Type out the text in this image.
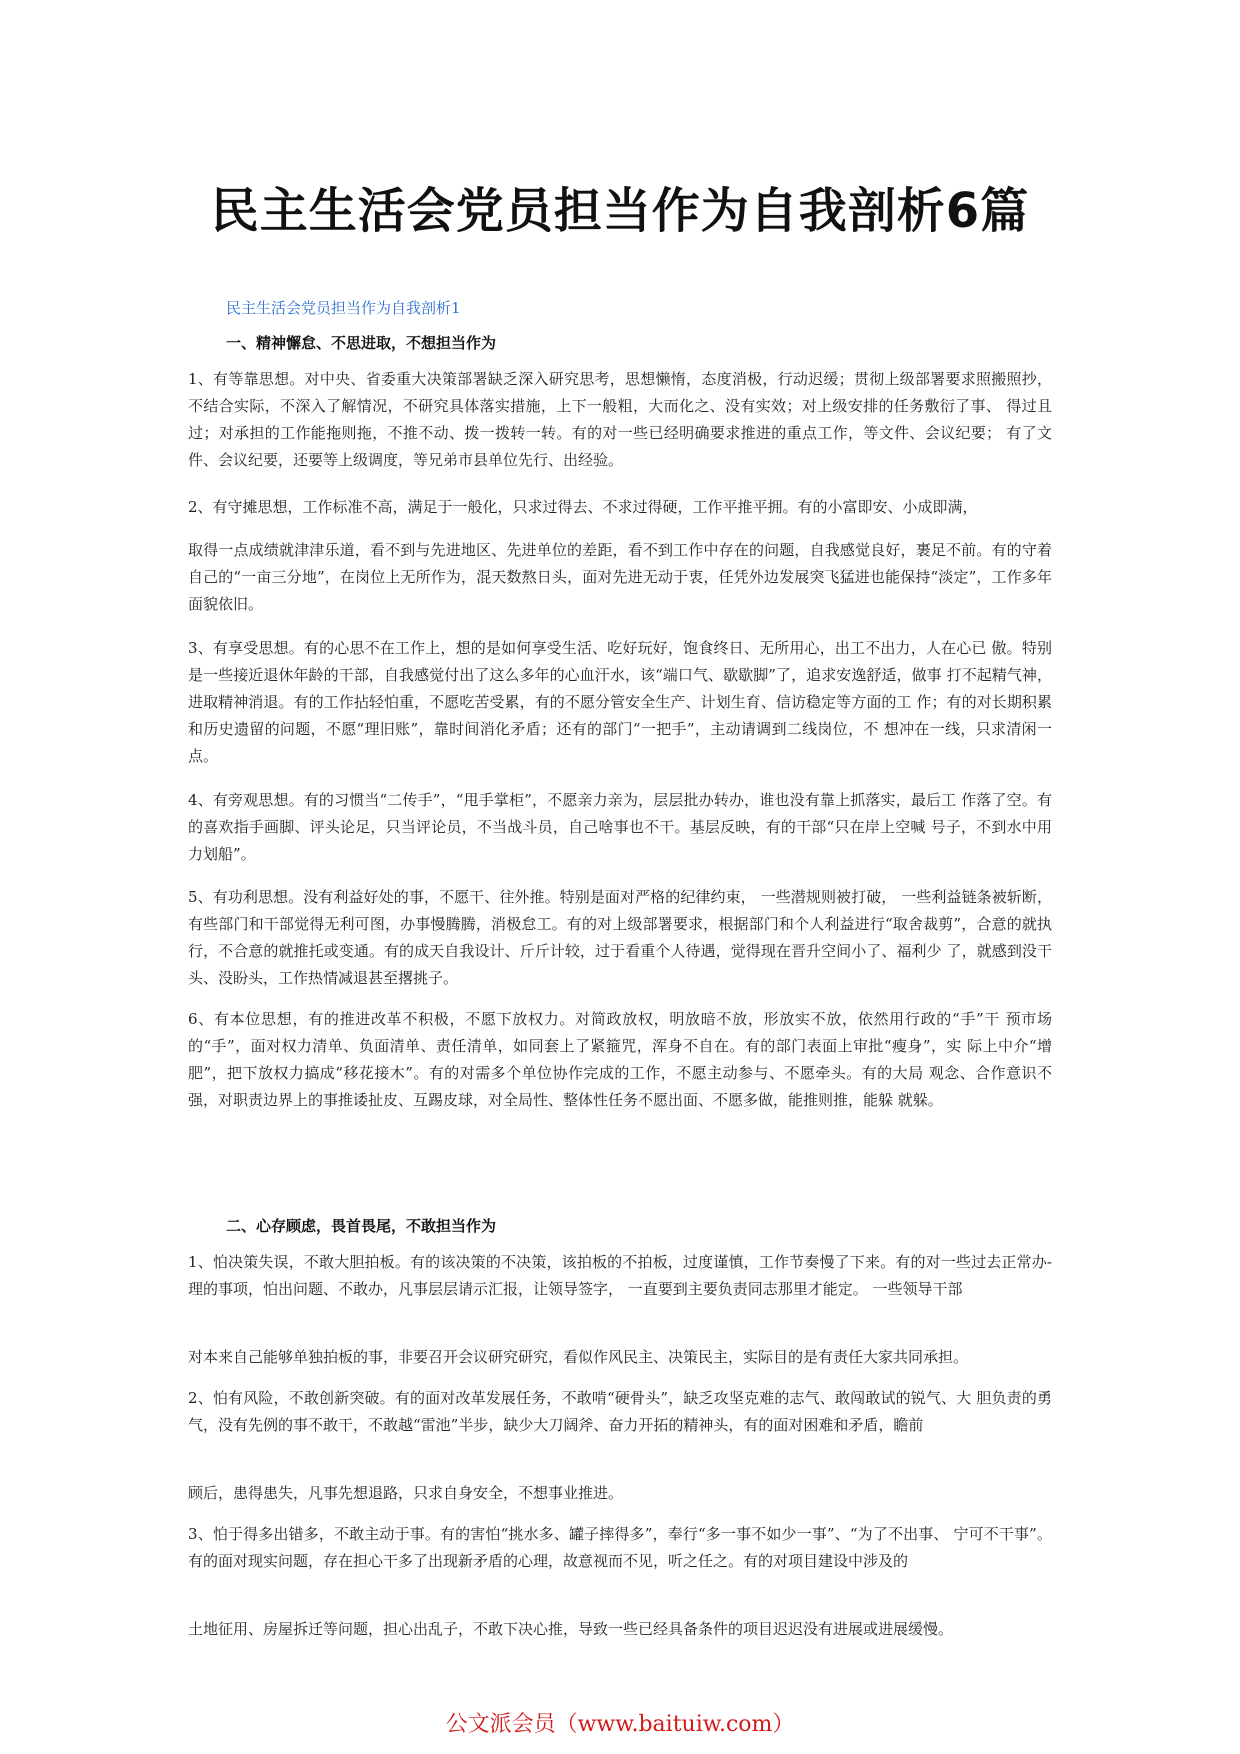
民主生活会党员担当作为自我剖析6篇
民主生活会党员担当作为自我剖析1
一、精神懈怠、不思进取，不想担当作为
1、有等靠思想。对中央、省委重大决策部署缺乏深入研究思考，思想懒惰，态度消极，行动迟缓；贯彻上级部署要求照搬照抄，不结合实际，不深入了解情况，不研究具体落实措施，上下一般粗，大而化之、没有实效；对上级安排的任务敷衍了事、 得过且过；对承担的工作能拖则拖，不推不动、拨一拨转一转。有的对一些已经明确要求推进的重点工作，等文件、会议纪要； 有了文件、会议纪要，还要等上级调度，等兄弟市县单位先行、出经验。
2、有守摊思想，工作标准不高，满足于一般化，只求过得去、不求过得硬，工作平推平拥。有的小富即安、小成即满，
取得一点成绩就津津乐道，看不到与先进地区、先进单位的差距，看不到工作中存在的问题，自我感觉良好，裹足不前。有的守着自己的“一亩三分地”，在岗位上无所作为，混天数熬日头，面对先进无动于衷，任凭外边发展突飞猛进也能保持“淡定”，工作多年面貌依旧。
3、有享受思想。有的心思不在工作上，想的是如何享受生活、吃好玩好，饱食终日、无所用心，出工不出力，人在心已 傲。特别是一些接近退休年龄的干部，自我感觉付出了这么多年的心血汗水，该“端口气、歇歇脚”了，追求安逸舒适，做事 打不起精气神，进取精神消退。有的工作拈轻怕重，不愿吃苦受累，有的不愿分管安全生产、计划生育、信访稳定等方面的工 作；有的对长期积累和历史遗留的问题，不愿“理旧账”，靠时间消化矛盾；还有的部门“一把手”，主动请调到二线岗位，不 想冲在一线，只求清闲一点。
4、有旁观思想。有的习惯当“二传手”，“甩手掌柜”，不愿亲力亲为，层层批办转办，谁也没有靠上抓落实，最后工 作落了空。有的喜欢指手画脚、评头论足，只当评论员，不当战斗员，自己啥事也不干。基层反映，有的干部“只在岸上空喊 号子，不到水中用力划船”。
5、有功利思想。没有利益好处的事，不愿干、往外推。特别是面对严格的纪律约束， 一些潜规则被打破， 一些利益链条被斩断，有些部门和干部觉得无利可图，办事慢腾腾，消极怠工。有的对上级部署要求，根据部门和个人利益进行“取舍裁剪”，合意的就执行，不合意的就推托或变通。有的成天自我设计、斤斤计较，过于看重个人待遇，觉得现在晋升空间小了、福利少 了，就感到没干头、没盼头，工作热情减退甚至撂挑子。
6、有本位思想，有的推进改革不积极，不愿下放权力。对简政放权，明放暗不放，形放实不放，依然用行政的“手”干 预市场的“手”，面对权力清单、负面清单、责任清单，如同套上了紧箍咒，浑身不自在。有的部门表面上审批“瘦身”，实 际上中介“增肥”，把下放权力搞成“移花接木”。有的对需多个单位协作完成的工作，不愿主动参与、不愿牵头。有的大局 观念、合作意识不强，对职责边界上的事推诿扯皮、互踢皮球，对全局性、整体性任务不愿出面、不愿多做，能推则推，能躲 就躲。
二、心存顾虑，畏首畏尾，不敢担当作为
1、怕决策失误，不敢大胆拍板。有的该决策的不决策，该拍板的不拍板，过度谨慎，工作节奏慢了下来。有的对一些过去正常办-理的事项，怕出问题、不敢办，凡事层层请示汇报，让领导签字， 一直要到主要负责同志那里才能定。 一些领导干部
对本来自己能够单独拍板的事，非要召开会议研究研究，看似作风民主、决策民主，实际目的是有责任大家共同承担。
2、怕有风险，不敢创新突破。有的面对改革发展任务，不敢啃“硬骨头”，缺乏攻坚克难的志气、敢闯敢试的锐气、大 胆负责的勇气，没有先例的事不敢干，不敢越“雷池”半步，缺少大刀阔斧、奋力开拓的精神头，有的面对困难和矛盾，瞻前
顾后，患得患失，凡事先想退路，只求自身安全，不想事业推进。
3、怕于得多出错多，不敢主动于事。有的害怕“挑水多、罐子摔得多”，奉行“多一事不如少一事”、“为了不出事、 宁可不干事”。有的面对现实问题，存在担心干多了出现新矛盾的心理，故意视而不见，听之任之。有的对项目建设中涉及的
土地征用、房屋拆迁等问题，担心出乱子，不敢下决心推，导致一些已经具备条件的项目迟迟没有进展或进展缓慢。
公文派会员（www.baituiw.com）
